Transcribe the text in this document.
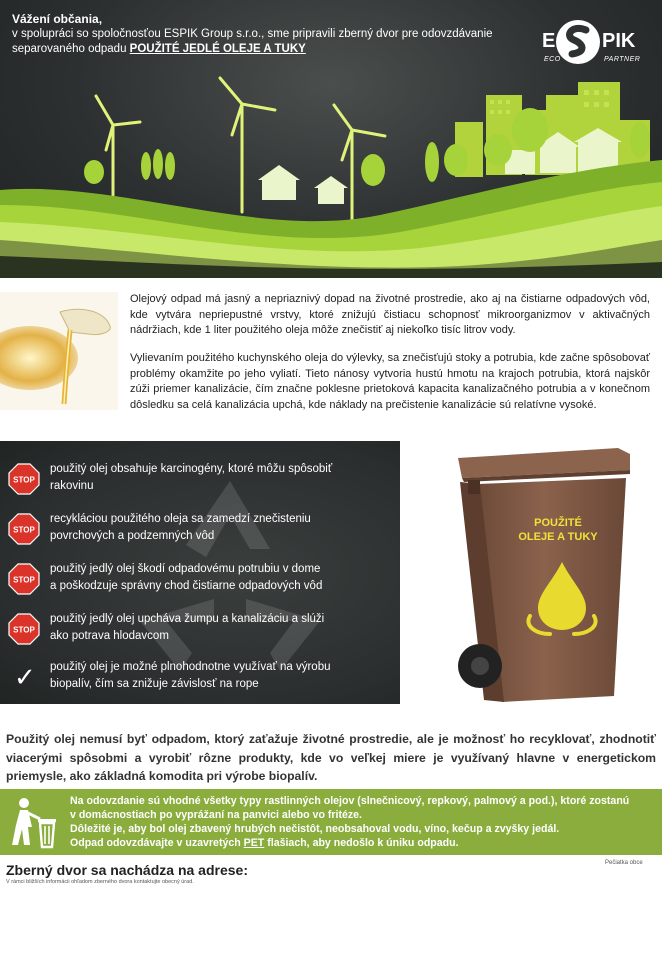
Vážení občania,
v spolupráci so spoločnosťou ESPIK Group s.r.o., sme pripravili zberný dvor pre odovzdávanie
separovaného odpadu POUŽITÉ JEDLÉ OLEJE A TUKY	E PIK
ECO	PARTNER
Olejový odpad má jasný a nepriaznivý dopad na životné prostredie, ako aj na čistiarne odpadových vôd, kde vytvára nepriepustné vrstvy, ktoré znižujú čistiacu schopnosť mikroorganizmov v aktivačných nádržiach, kde 1 liter použitého oleja môže znečistiť aj niekoľko tisíc litrov vody.
Vylievaním použitého kuchynského oleja do výlevky, sa znečisťujú stoky a potrubia, kde začne spôsobovať problémy okamžite po jeho vyliatí. Tieto nánosy vytvoria hustú hmotu na krajoch potrubia, ktorá najskôr zúži priemer kanalizácie, čím značne poklesne prietoková kapacita kanalizačného potrubia a v konečnom dôsledku sa celá kanalizácia upchá, kde náklady na prečistenie kanalizácie sú relatívne vysoké.
STOP
použitý olej obsahuje karcinogény, ktoré môžu spôsobiť
rakovinu
STOP
recykláciou použitého oleja sa zamedzí znečisteniu
povrchových a podzemných vôd
STOP
použitý jedlý olej škodí odpadovému potrubiu v dome
a poškodzuje správny chod čistiarne odpadových vôd
STOP
použitý jedlý olej upcháva žumpu a kanalizáciu a slúži
ako potrava hlodavcom
✓ použitý olej je možné plnohodnotne využívať na výrobu
biopalív, čím sa znižuje závislosť na rope
POUŽITÉ
OLEJE A TUKY
Použitý olej nemusí byť odpadom, ktorý zaťažuje životné prostredie, ale je možnosť ho recyklovať, zhodnotiť viacerými spôsobmi a vyrobiť rôzne produkty, kde vo veľkej miere je využívaný hlavne v energetickom priemysle, ako základná komodita pri výrobe biopalív.
Na odovzdanie sú vhodné všetky typy rastlinných olejov (slnečnicový, repkový, palmový a pod.), ktoré zostanú
v domácnostiach po vyprážaní na panvici alebo vo fritéze.
Dôležité je, aby bol olej zbavený hrubých nečistôt, neobsahoval vodu, víno, kečup a zvyšky jedál.
Odpad odovzdávajte v uzavretých PET flašiach, aby nedošlo k úniku odpadu.
Zberný dvor sa nachádza na adrese:
V rámci bližších informácii ohľadom zberného dvora kontaktujte obecný úrad.
Pečiatka obce
